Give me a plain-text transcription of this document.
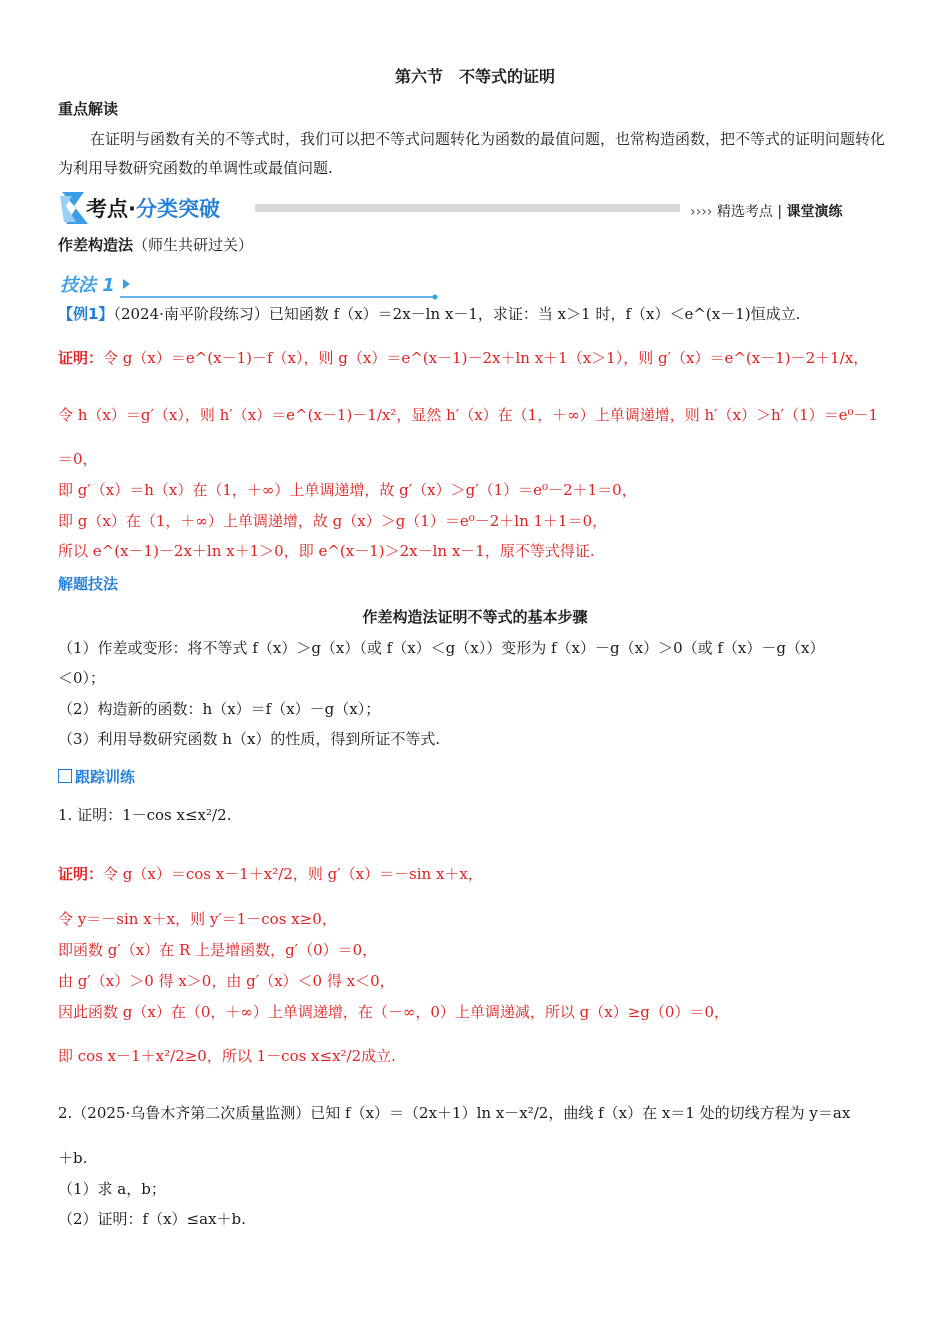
第六节　不等式的证明
重点解读
在证明与函数有关的不等式时，我们可以把不等式问题转化为函数的最值问题，也常构造函数，把不等式的证明问题转化为利用导数研究函数的单调性或最值问题.
考点·分类突破	›››› 精选考点 | 课堂演练
作差构造法（师生共研过关）
技法 1
【例1】（2024·南平阶段练习）已知函数 f（x）＝2x－ln x－1，求证：当 x＞1 时，f（x）＜e^(x－1)恒成立.
证明：令 g（x）＝e^(x－1)－f（x），则 g（x）＝e^(x－1)－2x＋ln x＋1（x＞1），则 g′（x）＝e^(x－1)－2＋1/x，
令 h（x）＝g′（x），则 h′（x）＝e^(x－1)－1/x²，显然 h′（x）在（1，＋∞）上单调递增，则 h′（x）＞h′（1）＝e⁰－1
＝0，
即 g′（x）＝h（x）在（1，＋∞）上单调递增，故 g′（x）＞g′（1）＝e⁰－2＋1＝0，
即 g（x）在（1，＋∞）上单调递增，故 g（x）＞g（1）＝e⁰－2＋ln 1＋1＝0，
所以 e^(x－1)－2x＋ln x＋1＞0，即 e^(x－1)＞2x－ln x－1，原不等式得证.
解题技法
作差构造法证明不等式的基本步骤
（1）作差或变形：将不等式 f（x）＞g（x）（或 f（x）＜g（x））变形为 f（x）－g（x）＞0（或 f（x）－g（x）
＜0）；
（2）构造新的函数：h（x）＝f（x）－g（x）；
（3）利用导数研究函数 h（x）的性质，得到所证不等式.
跟踪训练
1. 证明：1－cos x≤x²/2.
证明：令 g（x）＝cos x－1＋x²/2，则 g′（x）＝－sin x＋x，
令 y＝－sin x＋x，则 y′＝1－cos x≥0，
即函数 g′（x）在 R 上是增函数，g′（0）＝0，
由 g′（x）＞0 得 x＞0，由 g′（x）＜0 得 x＜0，
因此函数 g（x）在（0，＋∞）上单调递增，在（－∞，0）上单调递减，所以 g（x）≥g（0）＝0，
即 cos x－1＋x²/2≥0，所以 1－cos x≤x²/2成立.
2.（2025·乌鲁木齐第二次质量监测）已知 f（x）＝（2x＋1）ln x－x²/2，曲线 f（x）在 x＝1 处的切线方程为 y＝ax
＋b.
（1）求 a，b；
（2）证明：f（x）≤ax＋b.
